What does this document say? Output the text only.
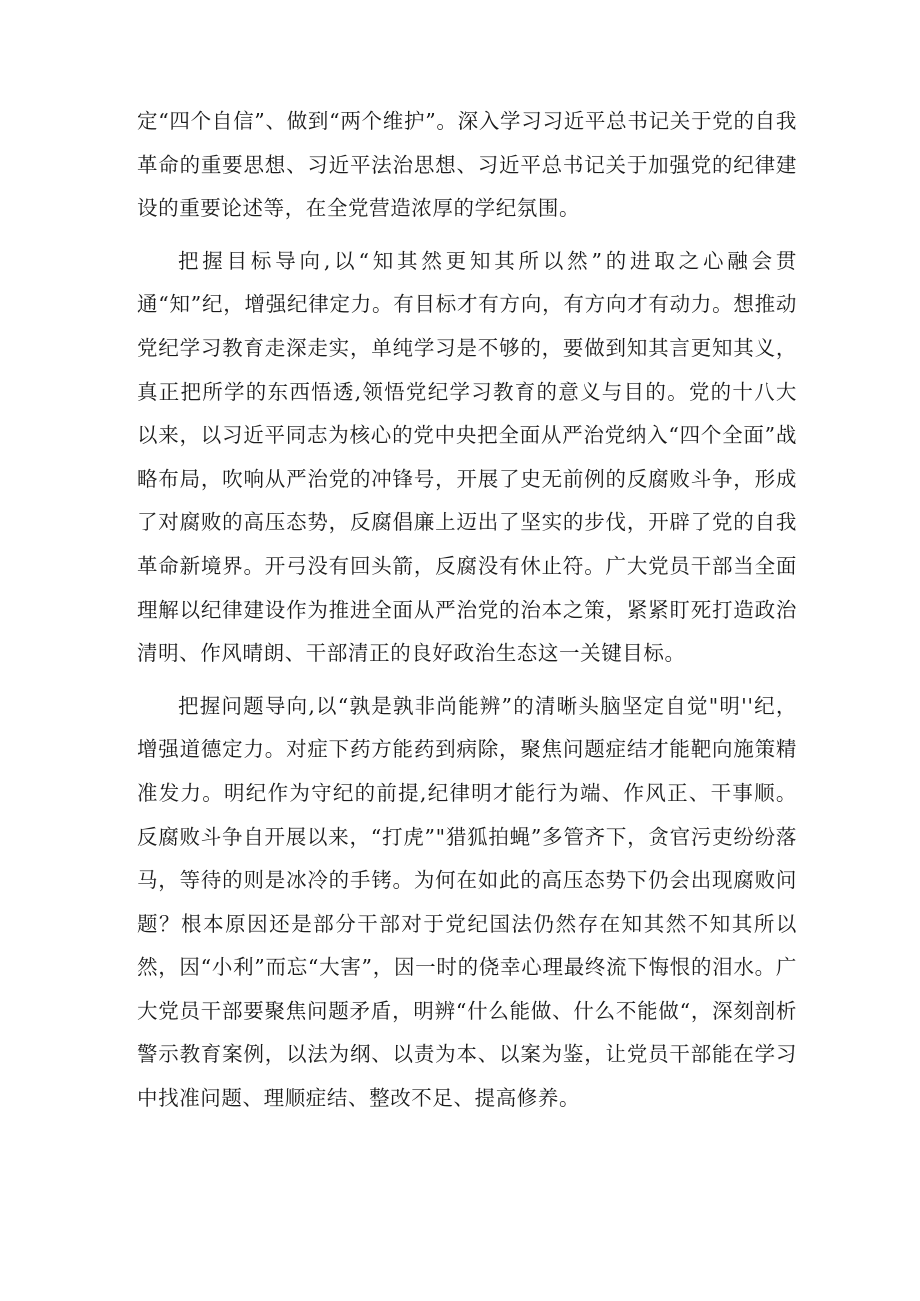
定“四个自信”、做到“两个维护”。深入学习习近平总书记关于党的自我革命的重要思想、习近平法治思想、习近平总书记关于加强党的纪律建设的重要论述等，在全党营造浓厚的学纪氛围。

把握目标导向,以“知其然更知其所以然”的进取之心融会贯通“知”纪，增强纪律定力。有目标才有方向，有方向才有动力。想推动党纪学习教育走深走实，单纯学习是不够的，要做到知其言更知其义，真正把所学的东西悟透,领悟党纪学习教育的意义与目的。党的十八大以来，以习近平同志为核心的党中央把全面从严治党纳入“四个全面”战略布局，吹响从严治党的冲锋号，开展了史无前例的反腐败斗争，形成了对腐败的高压态势，反腐倡廉上迈出了坚实的步伐，开辟了党的自我革命新境界。开弓没有回头箭，反腐没有休止符。广大党员干部当全面理解以纪律建设作为推进全面从严治党的治本之策，紧紧盯死打造政治清明、作风晴朗、干部清正的良好政治生态这一关键目标。

把握问题导向,以“孰是孰非尚能辨”的清晰头脑坚定自觉"明''纪，增强道德定力。对症下药方能药到病除，聚焦问题症结才能靶向施策精准发力。明纪作为守纪的前提,纪律明才能行为端、作风正、干事顺。反腐败斗争自开展以来，“打虎”"猎狐拍蝇”多管齐下，贪官污吏纷纷落马，等待的则是冰冷的手铐。为何在如此的高压态势下仍会出现腐败问题？根本原因还是部分干部对于党纪国法仍然存在知其然不知其所以然，因“小利”而忘“大害”，因一时的侥幸心理最终流下悔恨的泪水。广大党员干部要聚焦问题矛盾，明辨“什么能做、什么不能做“，深刻剖析警示教育案例，以法为纲、以责为本、以案为鉴，让党员干部能在学习中找准问题、理顺症结、整改不足、提高修养。
